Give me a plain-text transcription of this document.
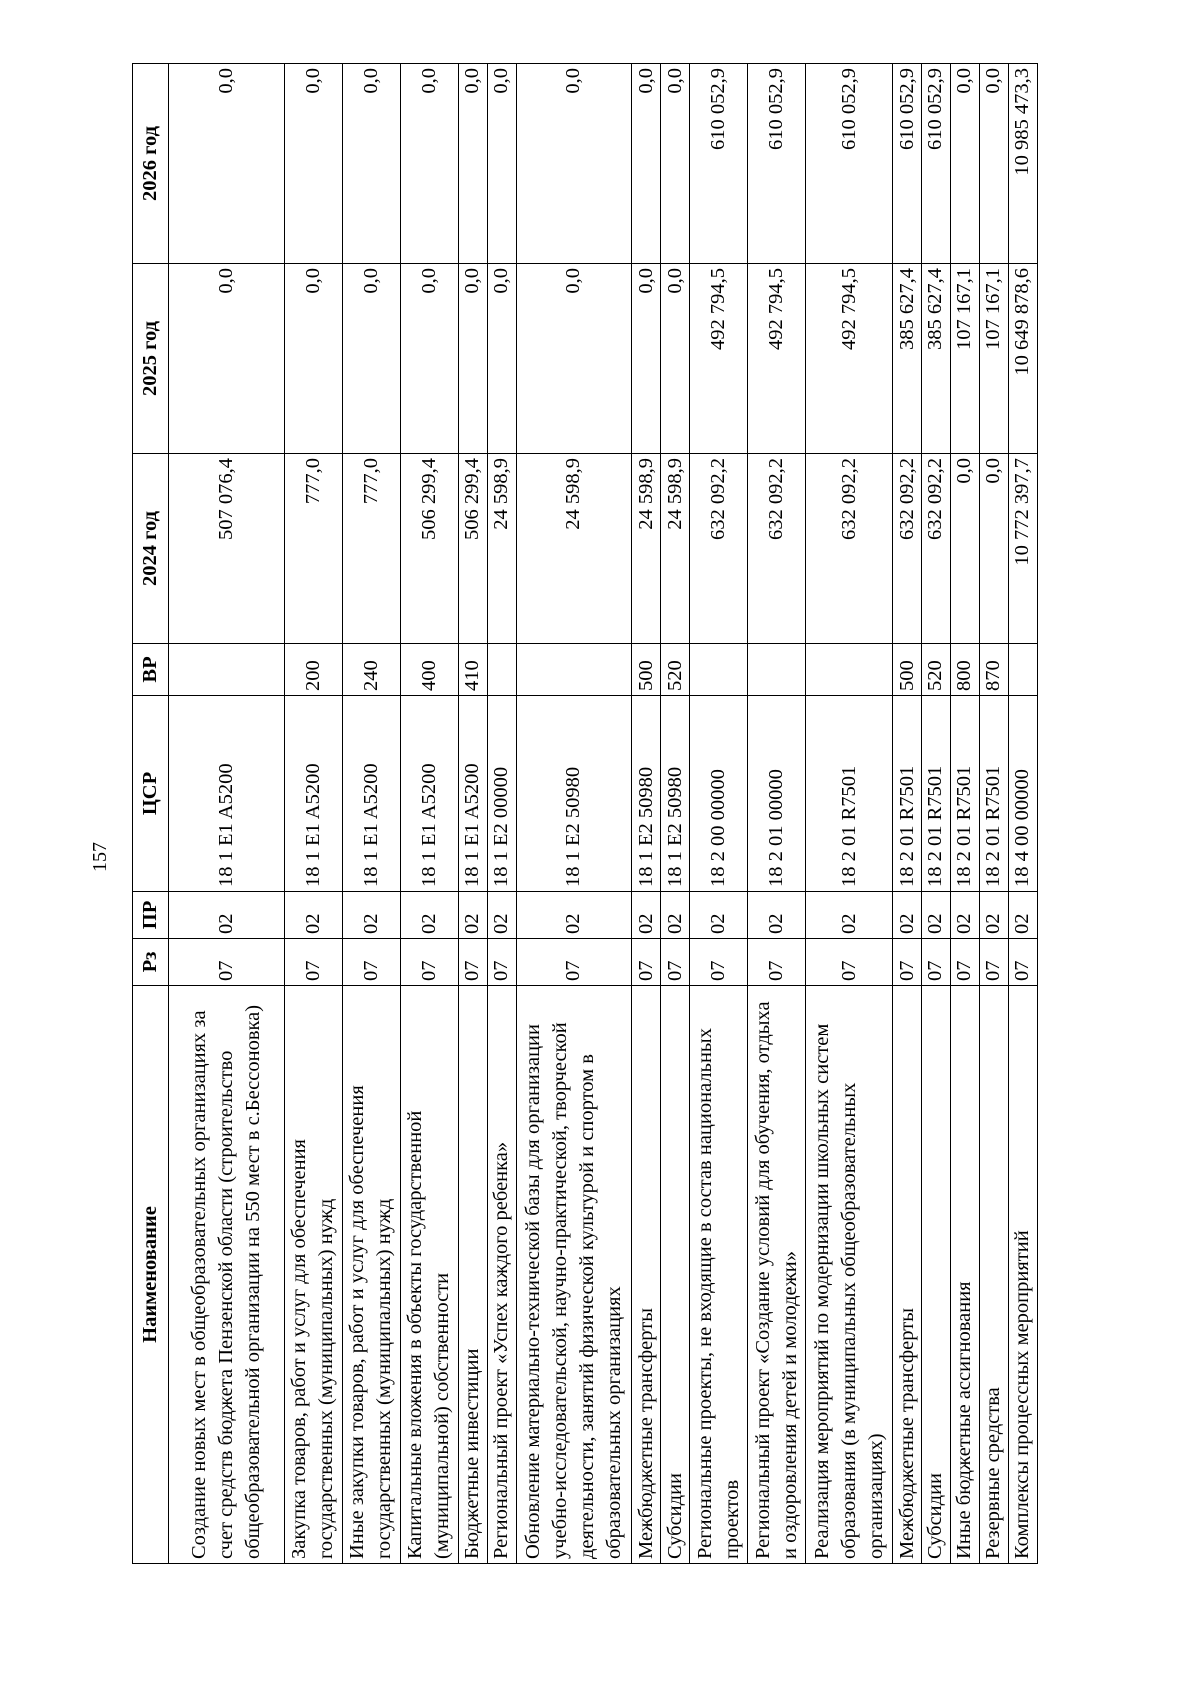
157
Наименование	Рз	ПР	ЦСР	ВР	2024 год	2025 год	2026 год
Создание новых мест в общеобразовательных организациях за счет средств бюджета Пензенской области (строительство общеобразовательной организации на 550 мест в с.Бессоновка)	07	02	18 1 E1 A5200		507 076,4	0,0	0,0
Закупка товаров, работ и услуг для обеспечения государственных (муниципальных) нужд	07	02	18 1 E1 A5200	200	777,0	0,0	0,0
Иные закупки товаров, работ и услуг для обеспечения государственных (муниципальных) нужд	07	02	18 1 E1 A5200	240	777,0	0,0	0,0
Капитальные вложения в объекты государственной (муниципальной) собственности	07	02	18 1 E1 A5200	400	506 299,4	0,0	0,0
Бюджетные инвестиции	07	02	18 1 E1 A5200	410	506 299,4	0,0	0,0
Региональный проект «Успех каждого ребенка»	07	02	18 1 E2 00000		24 598,9	0,0	0,0
Обновление материально-технической базы для организации учебно-исследовательской, научно-практической, творческой деятельности, занятий физической культурой и спортом в образовательных организациях	07	02	18 1 E2 50980		24 598,9	0,0	0,0
Межбюджетные трансферты	07	02	18 1 E2 50980	500	24 598,9	0,0	0,0
Субсидии	07	02	18 1 E2 50980	520	24 598,9	0,0	0,0
Региональные проекты, не входящие в состав национальных проектов	07	02	18 2 00 00000		632 092,2	492 794,5	610 052,9
Региональный проект «Создание условий для обучения, отдыха и оздоровления детей и молодежи»	07	02	18 2 01 00000		632 092,2	492 794,5	610 052,9
Реализация мероприятий по модернизации школьных систем образования (в муниципальных общеобразовательных организациях)	07	02	18 2 01 R7501		632 092,2	492 794,5	610 052,9
Межбюджетные трансферты	07	02	18 2 01 R7501	500	632 092,2	385 627,4	610 052,9
Субсидии	07	02	18 2 01 R7501	520	632 092,2	385 627,4	610 052,9
Иные бюджетные ассигнования	07	02	18 2 01 R7501	800	0,0	107 167,1	0,0
Резервные средства	07	02	18 2 01 R7501	870	0,0	107 167,1	0,0
Комплексы процессных мероприятий	07	02	18 4 00 00000		10 772 397,7	10 649 878,6	10 985 473,3
